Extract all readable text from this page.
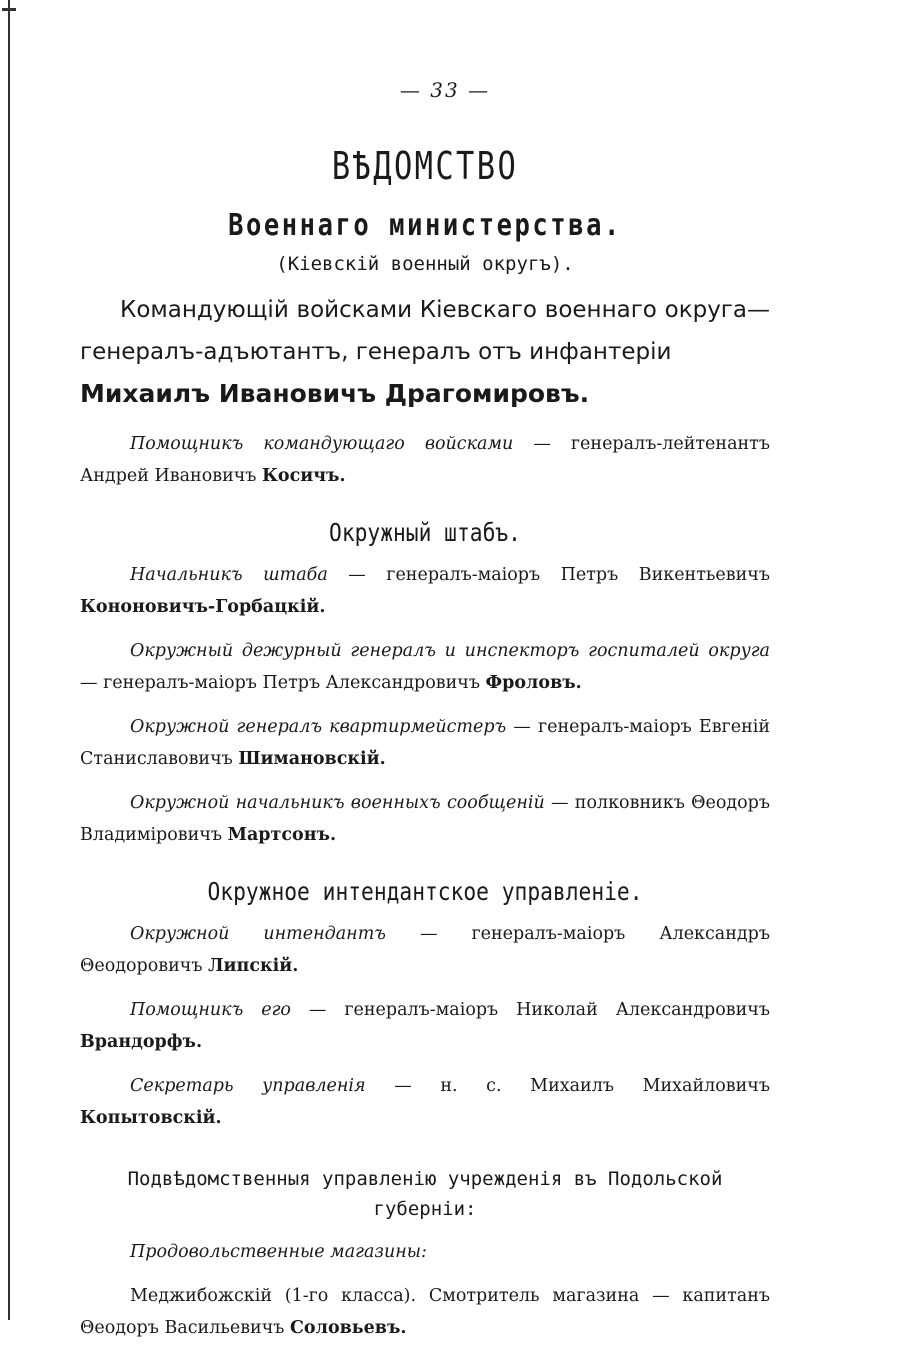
— 33 —
ВѢДОМСТВО
Военнаго министерства.
(Кіевскій военный округъ).
Командующій войсками Кіевскаго военнаго округа—генералъ-адъютантъ, генералъ отъ инфантеріи
Михаилъ Ивановичъ Драгомировъ.

Помощникъ командующаго войсками — генералъ-лейтенантъ Андрей Ивановичъ Косичъ.

Окружный штабъ.

Начальникъ штаба — генералъ-маіоръ Петръ Викентьевичъ Кононовичъ-Горбацкій.

Окружный дежурный генералъ и инспекторъ госпиталей округа — генералъ-маіоръ Петръ Александровичъ Фроловъ.

Окружной генералъ квартирмейстеръ — генералъ-маіоръ Евгеній Станиславовичъ Шимановскій.

Окружной начальникъ военныхъ сообщеній — полковникъ Θеодоръ Владиміровичъ Мартсонъ.

Окружное интендантское управленіе.

Окружной интендантъ — генералъ-маіоръ Александръ Θеодоровичъ Липскій.

Помощникъ его — генералъ-маіоръ Николай Александровичъ Врандорфъ.

Секретарь управленія — н. с. Михаилъ Михайловичъ Копытовскій.

Подвѣдомственныя управленію учрежденія въ Подольской
губерніи:

Продовольственные магазины:

Меджибожскій (1-го класса). Смотритель магазина — капитанъ Θеодоръ Васильевичъ Соловьевъ.
